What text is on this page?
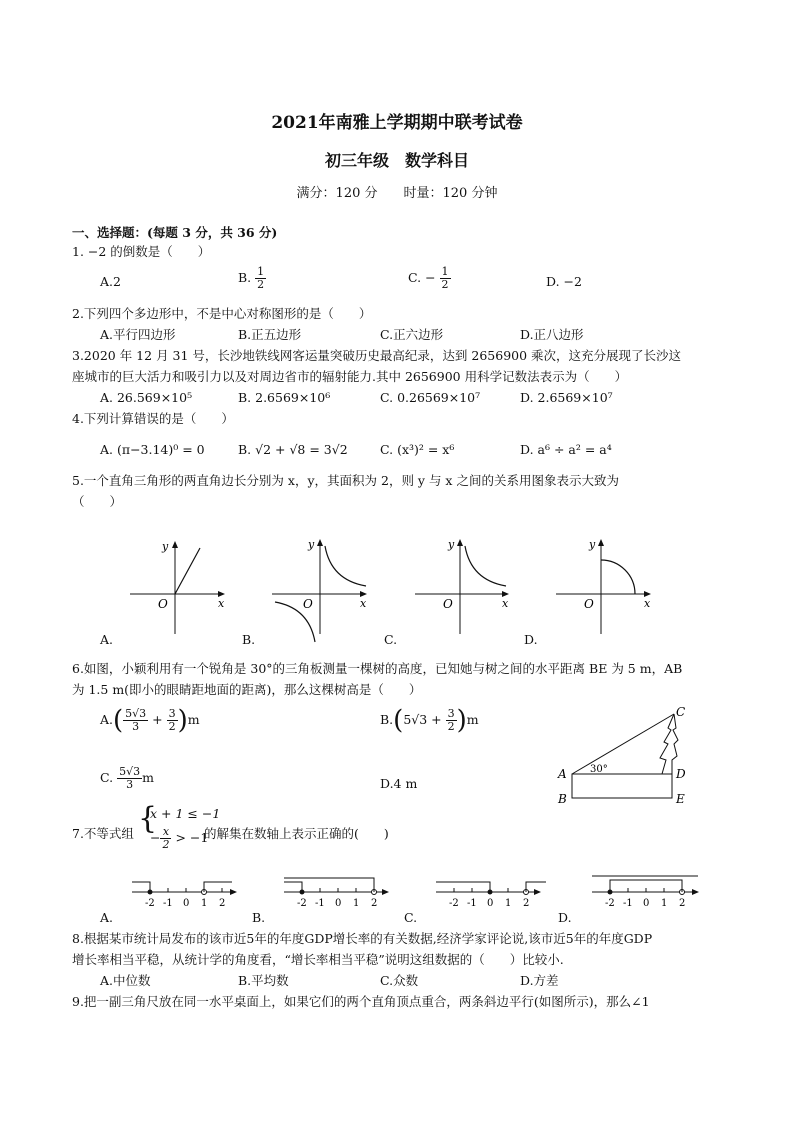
2021年南雅上学期期中联考试卷
初三年级　数学科目
满分：120 分　　时量：120 分钟
一、选择题：(每题 3 分，共 36 分)
1. −2 的倒数是（　　）
A.2	B. $\frac{1}{2}$	C. − $\frac{1}{2}$	D. −2
2.下列四个多边形中，不是中心对称图形的是（　　）
A.平行四边形	B.正五边形	C.正六边形	D.正八边形
3.2020 年 12 月 31 号，长沙地铁线网客运量突破历史最高纪录，达到 2656900 乘次，这充分展现了长沙这
座城市的巨大活力和吸引力以及对周边省市的辐射能力.其中 2656900 用科学记数法表示为（　　）
A. 26.569×10⁵	B. 2.6569×10⁶	C. 0.26569×10⁷	D. 2.6569×10⁷
4.下列计算错误的是（　　）
A. (π−3.14)⁰ = 0	B. √2 + √8 = 3√2	C. (x³)² = x⁶	D. a⁶ ÷ a² = a⁴
5.一个直角三角形的两直角边长分别为 x，y，其面积为 2，则 y 与 x 之间的关系用图象表示大致为
（　　）
O	x
y
O	x
y
O	x
y
O	x
y
A.	B.	C.	D.
6.如图，小颖利用有一个锐角是 30°的三角板测量一棵树的高度，已知她与树之间的水平距离 BE 为 5 m，AB
为 1.5 m(即小的眼睛距地面的距离)，那么这棵树高是（　　）
$A.( \frac{5√3}{3} + \frac{3}{2} )m$	$B.(5√3 + \frac{3}{2} )m$
C. $\frac{5√3}{3}$ m	D.4 m
A
B
C
D
E
30°
7.不等式组 {
x + 1 ≤ −1
− $\frac{x}{2} > -1$
的解集在数轴上表示正确的(　　)
-2 -1 0 1 2	-2 -1 0 1 2	-2 -1 0 1 2	-2 -1 0 1 2
A.	B.	C.	D.
8.根据某市统计局发布的该市近5年的年度GDP增长率的有关数据,经济学家评论说,该市近5年的年度GDP
增长率相当平稳，从统计学的角度看，“增长率相当平稳”说明这组数据的（　　）比较小.
A.中位数	B.平均数	C.众数	D.方差
9.把一副三角尺放在同一水平桌面上，如果它们的两个直角顶点重合，两条斜边平行(如图所示)，那么∠1
